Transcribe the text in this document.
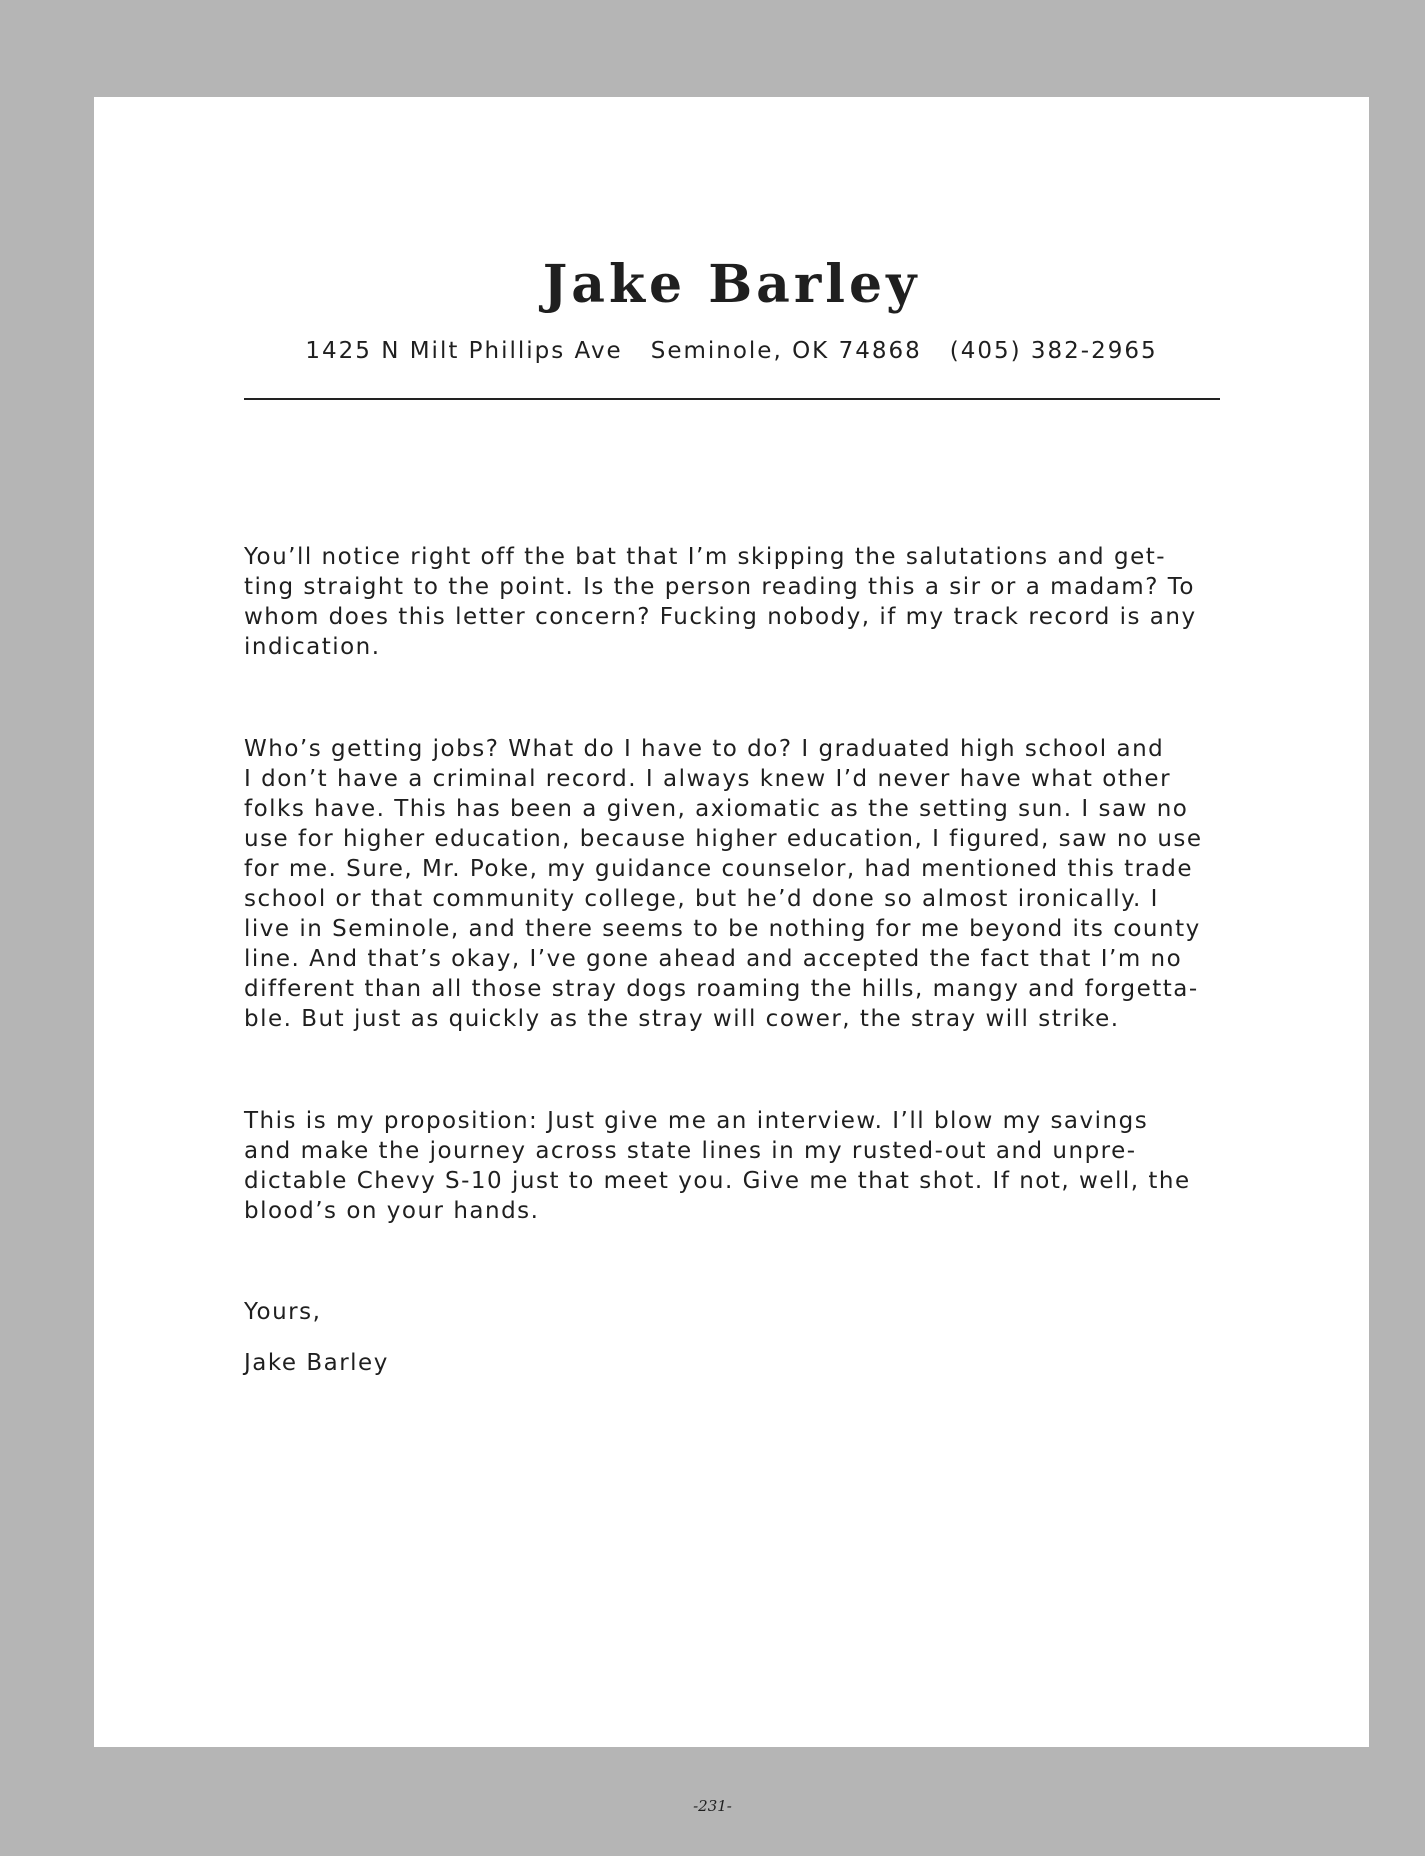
Jake Barley
1425 N Milt Phillips Ave Seminole, OK 74868 (405) 382-2965
You’ll notice right off the bat that I’m skipping the salutations and get-
ting straight to the point. Is the person reading this a sir or a madam? To
whom does this letter concern? Fucking nobody, if my track record is any
indication.
Who’s getting jobs? What do I have to do? I graduated high school and
I don’t have a criminal record. I always knew I’d never have what other
folks have. This has been a given, axiomatic as the setting sun. I saw no
use for higher education, because higher education, I figured, saw no use
for me. Sure, Mr. Poke, my guidance counselor, had mentioned this trade
school or that community college, but he’d done so almost ironically. I
live in Seminole, and there seems to be nothing for me beyond its county
line. And that’s okay, I’ve gone ahead and accepted the fact that I’m no
different than all those stray dogs roaming the hills, mangy and forgetta-
ble. But just as quickly as the stray will cower, the stray will strike.
This is my proposition: Just give me an interview. I’ll blow my savings
and make the journey across state lines in my rusted-out and unpre-
dictable Chevy S-10 just to meet you. Give me that shot. If not, well, the
blood’s on your hands.
Yours,
Jake Barley
-231-
